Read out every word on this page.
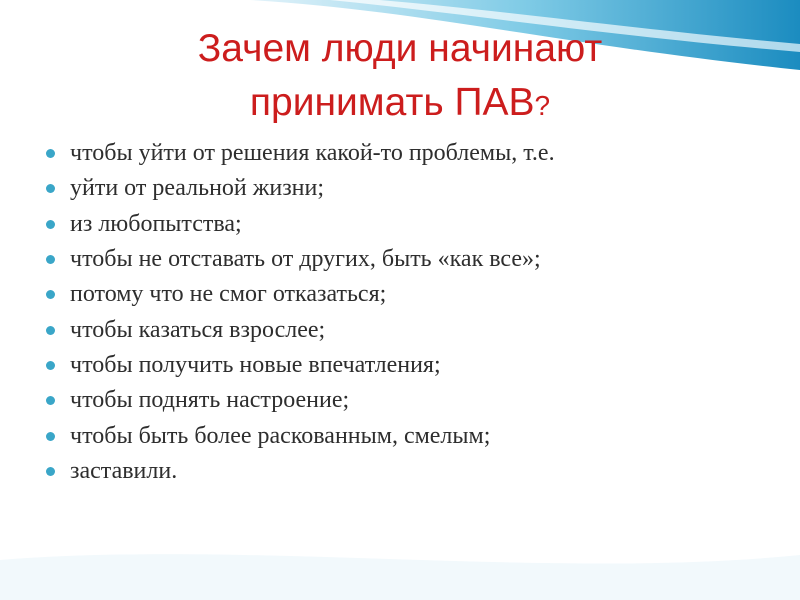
Зачем люди начинают
принимать ПАВ?
чтобы уйти от решения какой-то проблемы, т.е.
уйти от реальной жизни;
из любопытства;
чтобы не отставать от других, быть «как все»;
потому что не смог отказаться;
чтобы казаться взрослее;
чтобы получить новые впечатления;
чтобы поднять настроение;
чтобы быть более раскованным, смелым;
заставили.
